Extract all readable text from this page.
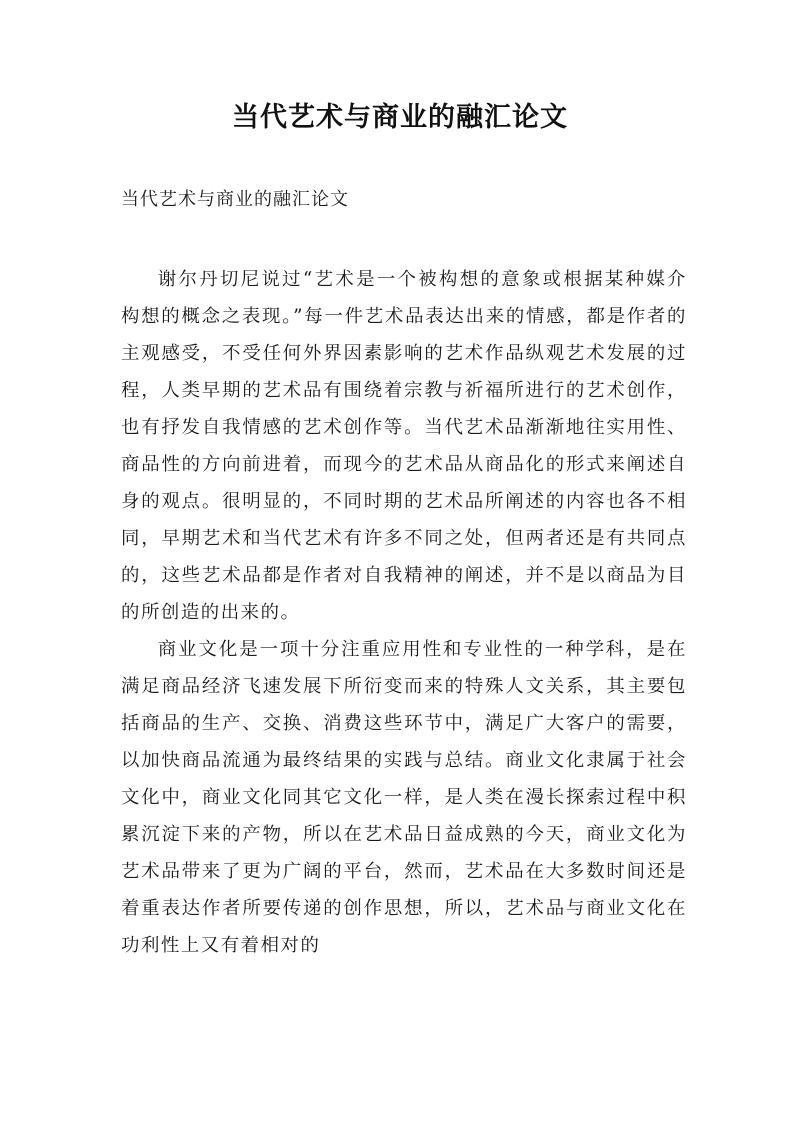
当代艺术与商业的融汇论文
当代艺术与商业的融汇论文

谢尔丹切尼说过“艺术是一个被构想的意象或根据某种媒介构想的概念之表现。”每一件艺术品表达出来的情感，都是作者的主观感受，不受任何外界因素影响的艺术作品纵观艺术发展的过程，人类早期的艺术品有围绕着宗教与祈福所进行的艺术创作，也有抒发自我情感的艺术创作等。当代艺术品渐渐地往实用性、商品性的方向前进着，而现今的艺术品从商品化的形式来阐述自身的观点。很明显的，不同时期的艺术品所阐述的内容也各不相同，早期艺术和当代艺术有许多不同之处，但两者还是有共同点的，这些艺术品都是作者对自我精神的阐述，并不是以商品为目的所创造的出来的。

商业文化是一项十分注重应用性和专业性的一种学科，是在满足商品经济飞速发展下所衍变而来的特殊人文关系，其主要包括商品的生产、交换、消费这些环节中，满足广大客户的需要，以加快商品流通为最终结果的实践与总结。商业文化隶属于社会文化中，商业文化同其它文化一样，是人类在漫长探索过程中积累沉淀下来的产物，所以在艺术品日益成熟的今天，商业文化为艺术品带来了更为广阔的平台，然而，艺术品在大多数时间还是着重表达作者所要传递的创作思想，所以，艺术品与商业文化在功利性上又有着相对的
